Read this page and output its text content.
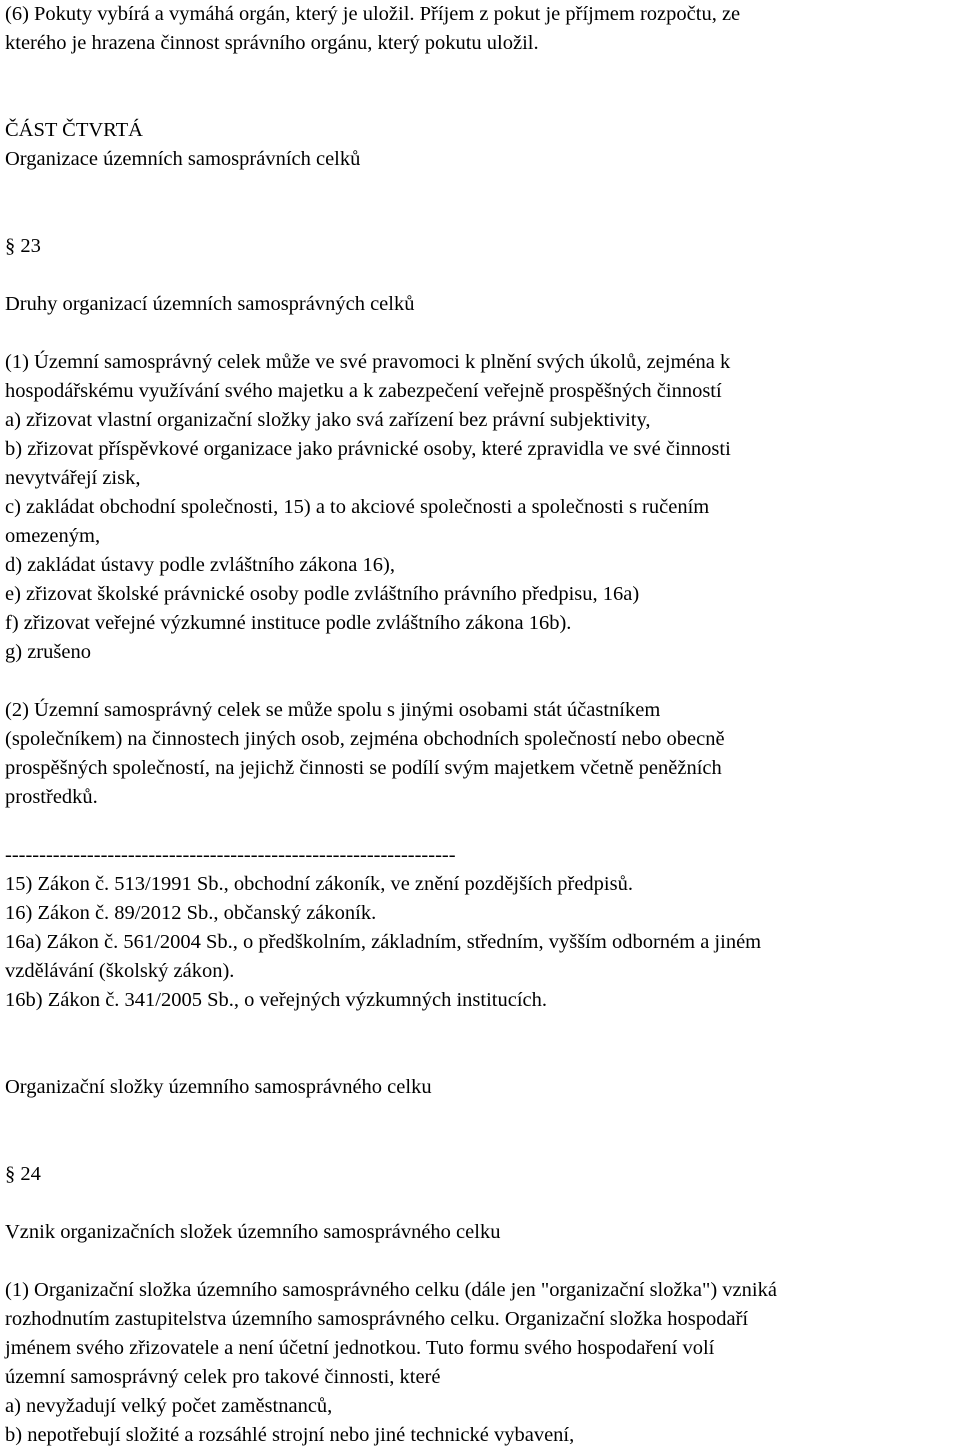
(6) Pokuty vybírá a vymáhá orgán, který je uložil. Příjem z pokut je příjmem rozpočtu, ze
kterého je hrazena činnost správního orgánu, který pokutu uložil.
ČÁST ČTVRTÁ
Organizace územních samosprávních celků
§ 23
Druhy organizací územních samosprávných celků
(1) Územní samosprávný celek může ve své pravomoci k plnění svých úkolů, zejména k
hospodářskému využívání svého majetku a k zabezpečení veřejně prospěšných činností
a) zřizovat vlastní organizační složky jako svá zařízení bez právní subjektivity,
b) zřizovat příspěvkové organizace jako právnické osoby, které zpravidla ve své činnosti
nevytvářejí zisk,
c) zakládat obchodní společnosti, 15) a to akciové společnosti a společnosti s ručením
omezeným,
d) zakládat ústavy podle zvláštního zákona 16),
e) zřizovat školské právnické osoby podle zvláštního právního předpisu, 16a)
f) zřizovat veřejné výzkumné instituce podle zvláštního zákona 16b).
g) zrušeno
(2) Územní samosprávný celek se může spolu s jinými osobami stát účastníkem
(společníkem) na činnostech jiných osob, zejména obchodních společností nebo obecně
prospěšných společností, na jejichž činnosti se podílí svým majetkem včetně peněžních
prostředků.
------------------------------------------------------------------
15) Zákon č. 513/1991 Sb., obchodní zákoník, ve znění pozdějších předpisů.
16) Zákon č. 89/2012 Sb., občanský zákoník.
16a) Zákon č. 561/2004 Sb., o předškolním, základním, středním, vyšším odborném a jiném
vzdělávání (školský zákon).
16b) Zákon č. 341/2005 Sb., o veřejných výzkumných institucích.
Organizační složky územního samosprávného celku
§ 24
Vznik organizačních složek územního samosprávného celku
(1) Organizační složka územního samosprávného celku (dále jen "organizační složka") vzniká
rozhodnutím zastupitelstva územního samosprávného celku. Organizační složka hospodaří
jménem svého zřizovatele a není účetní jednotkou. Tuto formu svého hospodaření volí
územní samosprávný celek pro takové činnosti, které
a) nevyžadují velký počet zaměstnanců,
b) nepotřebují složité a rozsáhlé strojní nebo jiné technické vybavení,
